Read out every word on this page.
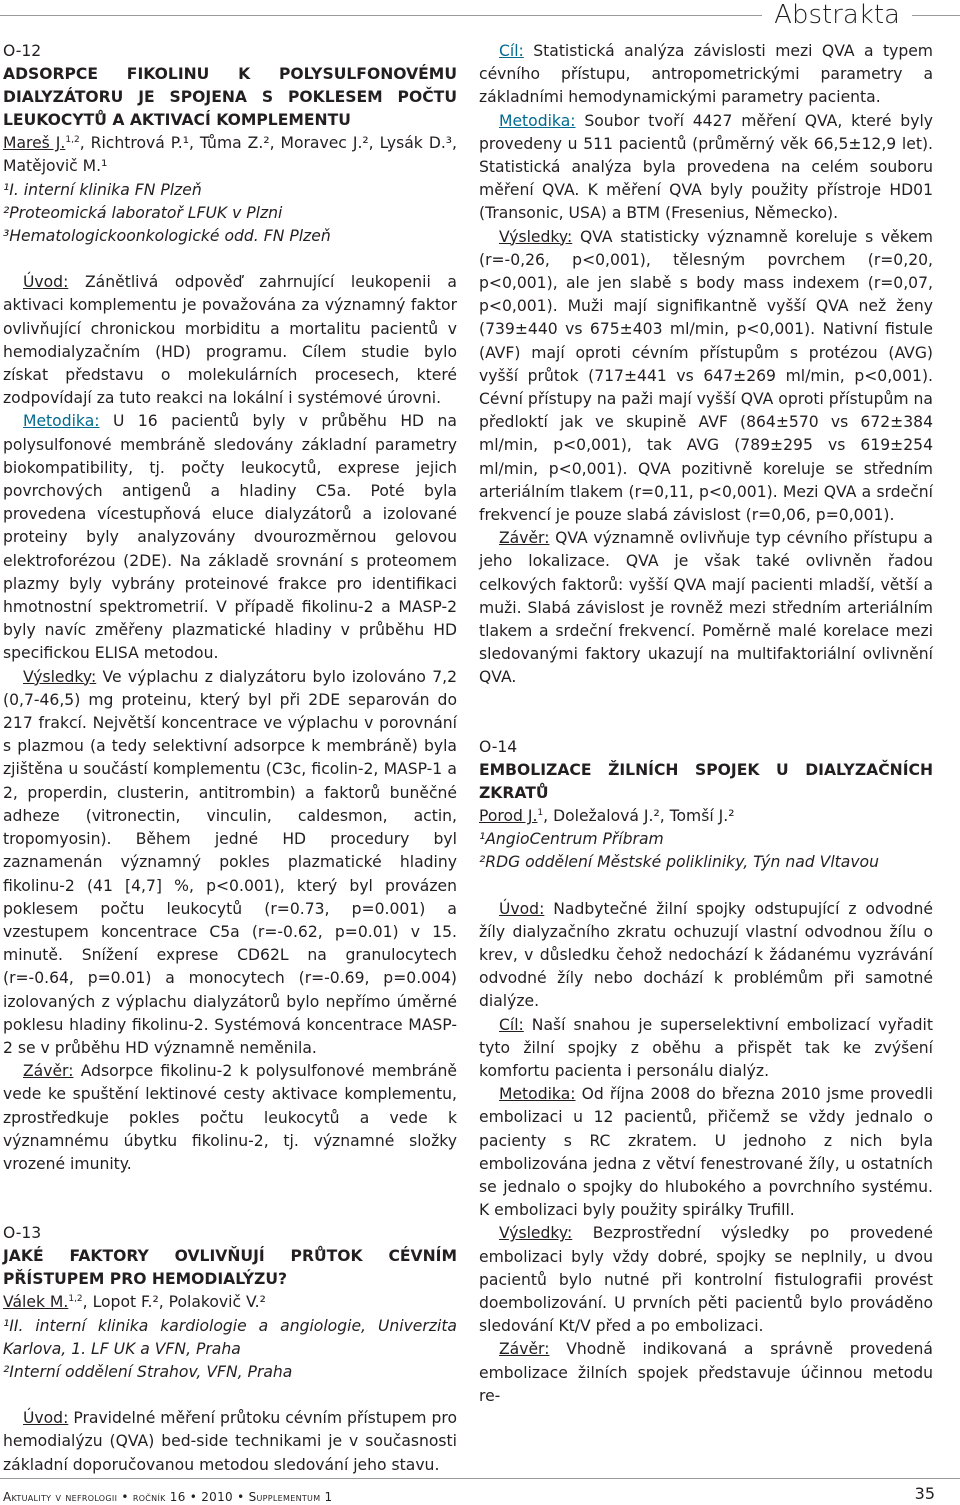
Abstrakta

O-12

ADSORPCE FIKOLINU K POLYSULFONOVÉMU DIALYZÁTORU JE SPOJENA S POKLESEM POČTU LEUKOCYTŮ A AKTIVACÍ KOMPLEMENTU

Mareš J.$^{1,2}$, Richtrová P.¹, Tůma Z.², Moravec J.², Lysák D.³, Matějovič M.¹

¹I. interní klinika FN Plzeň

²Proteomická laboratoř LFUK v Plzni

³Hematologickoonkologické odd. FN Plzeň

Úvod: Zánětlivá odpověď zahrnující leukopenii a aktivaci komplementu je považována za významný faktor ovlivňující chronickou morbiditu a mortalitu pacientů v hemodialyzačním (HD) programu. Cílem studie bylo získat představu o molekulárních procesech, které zodpovídají za tuto reakci na lokální i systémové úrovni.

Metodika: U 16 pacientů byly v průběhu HD na polysulfonové membráně sledovány základní parametry biokompatibility, tj. počty leukocytů, exprese jejich povrchových antigenů a hladiny C5a. Poté byla provedena vícestupňová eluce dialyzátorů a izolované proteiny byly analyzovány dvourozměrnou gelovou elektroforézou (2DE). Na základě srovnání s proteomem plazmy byly vybrány proteinové frakce pro identifikaci hmotnostní spektrometrií. V případě fikolinu-2 a MASP-2 byly navíc změřeny plazmatické hladiny v průběhu HD specifickou ELISA metodou.

Výsledky: Ve výplachu z dialyzátoru bylo izolováno 7,2 (0,7-46,5) mg proteinu, který byl při 2DE separován do 217 frakcí. Největší koncentrace ve výplachu v porovnání s plazmou (a tedy selektivní adsorpce k membráně) byla zjištěna u součástí komplementu (C3c, ficolin-2, MASP-1 a 2, properdin, clusterin, antitrombin) a faktorů buněčné adheze (vitronectin, vinculin, caldesmon, actin, tropomyosin). Během jedné HD procedury byl zaznamenán významný pokles plazmatické hladiny fikolinu-2 (41 [4,7] %, p<0.001), který byl provázen poklesem počtu leukocytů (r=0.73, p=0.001) a vzestupem koncentrace C5a (r=-0.62, p=0.01) v 15. minutě. Snížení exprese CD62L na granulocytech (r=-0.64, p=0.01) a monocytech (r=-0.69, p=0.004) izolovaných z výplachu dialyzátorů bylo nepřímo úměrné poklesu hladiny fikolinu-2. Systémová koncentrace MASP-2 se v průběhu HD významně neměnila.

Závěr: Adsorpce fikolinu-2 k polysulfonové membráně vede ke spuštění lektinové cesty aktivace komplementu, zprostředkuje pokles počtu leukocytů a vede k významnému úbytku fikolinu-2, tj. významné složky vrozené imunity.

O-13

JAKÉ FAKTORY OVLIVŇUJÍ PRŮTOK CÉVNÍM PŘÍSTUPEM PRO HEMODIALÝZU?

Válek M.$^{1,2}$, Lopot F.², Polakovič V.²

¹II. interní klinika kardiologie a angiologie, Univerzita Karlova, 1. LF UK a VFN, Praha

²Interní oddělení Strahov, VFN, Praha

Úvod: Pravidelné měření průtoku cévním přístupem pro hemodialýzu (QVA) bed-side technikami je v současnosti základní doporučovanou metodou sledování jeho stavu.

Cíl: Statistická analýza závislosti mezi QVA a typem cévního přístupu, antropometrickými parametry a základními hemodynamickými parametry pacienta.

Metodika: Soubor tvoří 4427 měření QVA, které byly provedeny u 511 pacientů (průměrný věk 66,5±12,9 let). Statistická analýza byla provedena na celém souboru měření QVA. K měření QVA byly použity přístroje HD01 (Transonic, USA) a BTM (Fresenius, Německo).

Výsledky: QVA statisticky významně koreluje s věkem (r=-0,26, p<0,001), tělesným povrchem (r=0,20, p<0,001), ale jen slabě s body mass indexem (r=0,07, p<0,001). Muži mají signifikantně vyšší QVA než ženy (739±440 vs 675±403 ml/min, p<0,001). Nativní fistule (AVF) mají oproti cévním přístupům s protézou (AVG) vyšší průtok (717±441 vs 647±269 ml/min, p<0,001). Cévní přístupy na paži mají vyšší QVA oproti přístupům na předloktí jak ve skupině AVF (864±570 vs 672±384 ml/min, p<0,001), tak AVG (789±295 vs 619±254 ml/min, p<0,001). QVA pozitivně koreluje se středním arteriálním tlakem (r=0,11, p<0,001). Mezi QVA a srdeční frekvencí je pouze slabá závislost (r=0,06, p=0,001).

Závěr: QVA významně ovlivňuje typ cévního přístupu a jeho lokalizace. QVA je však také ovlivněn řadou celkových faktorů: vyšší QVA mají pacienti mladší, větší a muži. Slabá závislost je rovněž mezi středním arteriálním tlakem a srdeční frekvencí. Poměrně malé korelace mezi sledovanými faktory ukazují na multifaktoriální ovlivnění QVA.

O-14

EMBOLIZACE ŽILNÍCH SPOJEK U DIALYZAČNÍCH ZKRATŮ

Porod J.$^1$, Doležalová J.², Tomší J.²

¹AngioCentrum Příbram

²RDG oddělení Městské polikliniky, Týn nad Vltavou

Úvod: Nadbytečné žilní spojky odstupující z odvodné žíly dialyzačního zkratu ochuzují vlastní odvodnou žílu o krev, v důsledku čehož nedochází k žádanému vyzrávání odvodné žíly nebo dochází k problémům při samotné dialýze.

Cíl: Naší snahou je superselektivní embolizací vyřadit tyto žilní spojky z oběhu a přispět tak ke zvýšení komfortu pacienta i personálu dialýz.

Metodika: Od října 2008 do března 2010 jsme provedli embolizaci u 12 pacientů, přičemž se vždy jednalo o pacienty s RC zkratem. U jednoho z nich byla embolizována jedna z větví fenestrované žíly, u ostatních se jednalo o spojky do hlubokého a povrchního systému. K embolizaci byly použity spirálky Trufill.

Výsledky: Bezprostřední výsledky po provedené embolizaci byly vždy dobré, spojky se neplnily, u dvou pacientů bylo nutné při kontrolní fistulografii provést doembolizování. U prvních pěti pacientů bylo prováděno sledování Kt/V před a po embolizaci.

Závěr: Vhodně indikovaná a správně provedená embolizace žilních spojek představuje účinnou metodu re-

Aktuality v nefrologii • ročník 16 • 2010 • Supplementum 1	35
